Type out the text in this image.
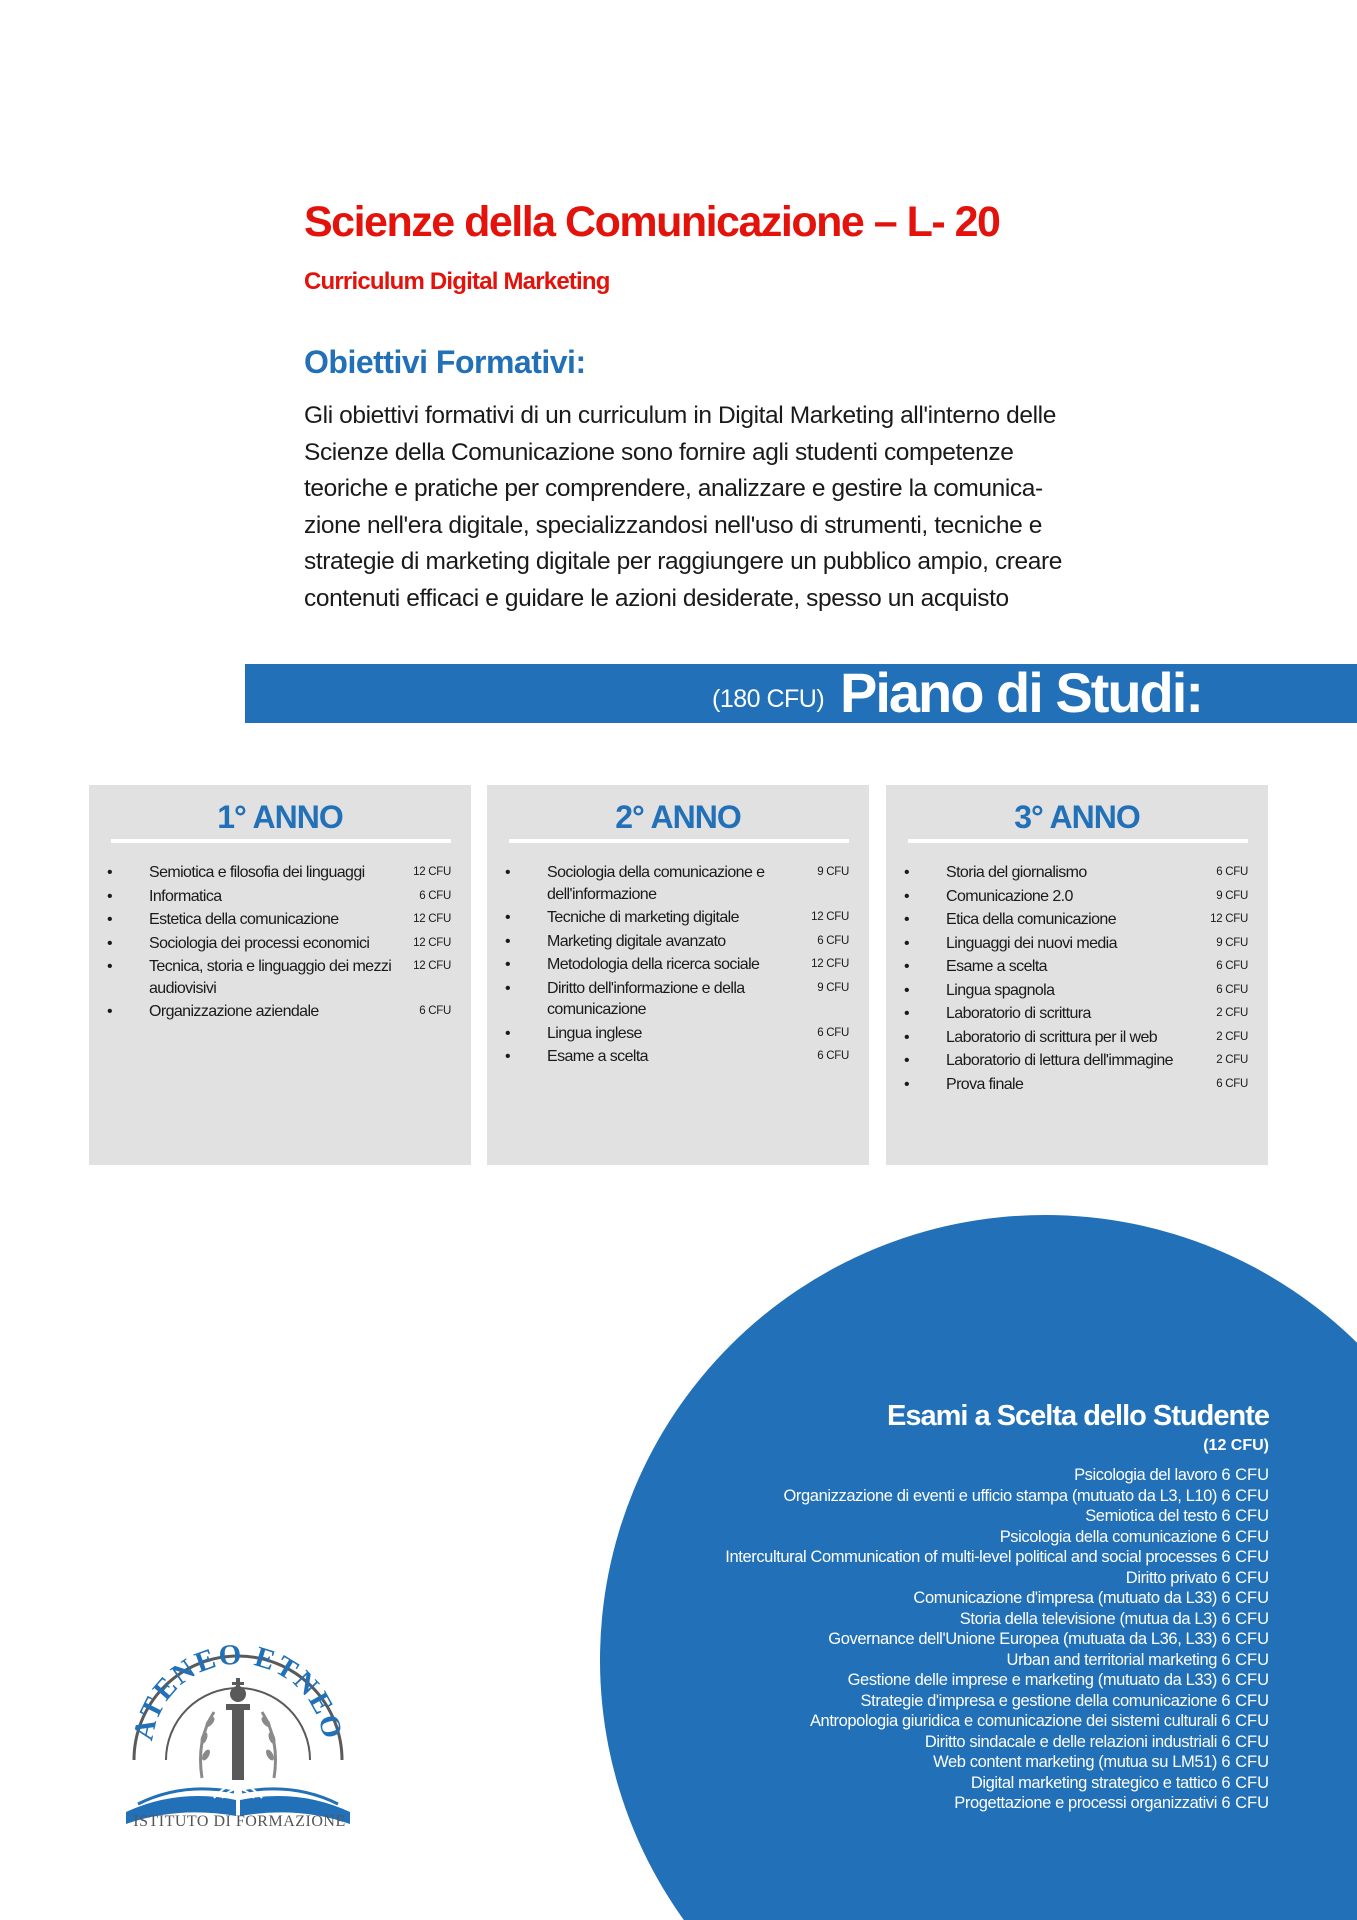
Scienze della Comunicazione – L- 20
Curriculum Digital Marketing
Obiettivi Formativi:

Gli obiettivi formativi di un curriculum in Digital Marketing all'interno delle
Scienze della Comunicazione sono fornire agli studenti competenze
teoriche e pratiche per comprendere, analizzare e gestire la comunica-
zione nell'era digitale, specializzandosi nell'uso di strumenti, tecniche e
strategie di marketing digitale per raggiungere un pubblico ampio, creare
contenuti efficaci e guidare le azioni desiderate, spesso un acquisto

(180 CFU) Piano di Studi:
1° ANNO
• Semiotica e filosofia dei linguaggi	12 CFU
• Informatica	6 CFU
• Estetica della comunicazione	12 CFU
• Sociologia dei processi economici	12 CFU
• Tecnica, storia e linguaggio dei mezzi audiovisivi
12 CFU
• Organizzazione aziendale	6 CFU
2° ANNO
• Sociologia della comunicazione e dell'informazione
9 CFU
• Tecniche di marketing digitale	12 CFU
• Marketing digitale avanzato	6 CFU
• Metodologia della ricerca sociale	12 CFU
• Diritto dell'informazione e della comunicazione
9 CFU
• Lingua inglese	6 CFU
• Esame a scelta	6 CFU
3° ANNO
• Storia del giornalismo	6 CFU
• Comunicazione 2.0	9 CFU
• Etica della comunicazione	12 CFU
• Linguaggi dei nuovi media	9 CFU
• Esame a scelta	6 CFU
• Lingua spagnola	6 CFU
• Laboratorio di scrittura	2 CFU
• Laboratorio di scrittura per il web	2 CFU
• Laboratorio di lettura dell'immagine	2 CFU
• Prova finale	6 CFU
Esami a Scelta dello Studente
(12 CFU)
Psicologia del lavoro 6 CFU
Organizzazione di eventi e ufficio stampa (mutuato da L3, L10) 6 CFU
Semiotica del testo 6 CFU
Psicologia della comunicazione 6 CFU
Intercultural Communication of multi-level political and social processes 6 CFU
Diritto privato 6 CFU
Comunicazione d'impresa (mutuato da L33) 6 CFU
Storia della televisione (mutua da L3) 6 CFU
Governance dell'Unione Europea (mutuata da L36, L33) 6 CFU
Urban and territorial marketing 6 CFU
Gestione delle imprese e marketing (mutuato da L33) 6 CFU
Strategie d'impresa e gestione della comunicazione 6 CFU
Antropologia giuridica e comunicazione dei sistemi culturali 6 CFU
Diritto sindacale e delle relazioni industriali 6 CFU
Web content marketing (mutua su LM51) 6 CFU
Digital marketing strategico e tattico 6 CFU
Progettazione e processi organizzativi 6 CFU
ATENEO ETNEO
ISTITUTO DI FORMAZIONE
